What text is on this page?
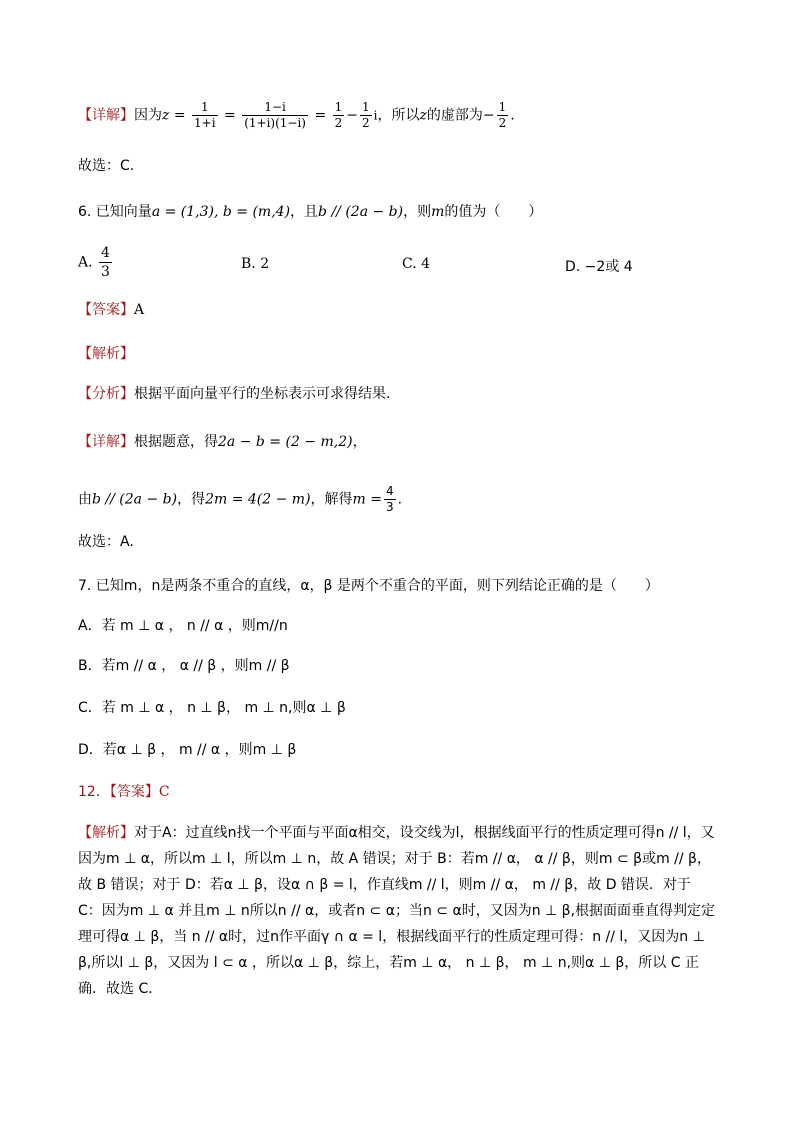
【详解】因为$z = \frac{1}{1+i} = \frac{1-i}{(1+i)(1-i)} = \frac{1}{2} - \frac{1}{2}$ i，所以z的虚部为− $\frac{1}{2}$ .
故选：C.
6. 已知向量a = (1,3), b = (m,4)，且b // (2a − b)，则m的值为（　　）
A. $\frac{4}{3}$	B. 2	C. 4	D. −2或 4
【答案】A
【解析】
【分析】根据平面向量平行的坐标表示可求得结果.
【详解】根据题意，得2a − b = (2 − m,2)，
由b // (2a − b)，得2m = 4(2 − m)，解得$m = \frac{4}{3}$ .
故选：A.
7. 已知m，n是两条不重合的直线，α，β 是两个不重合的平面，则下列结论正确的是（　　）
A．若 m ⊥ α ， n // α ，则m//n
B．若m // α ， α // β ，则m // β
C．若 m ⊥ α ， n ⊥ β， m ⊥ n,则α ⊥ β
D．若α ⊥ β ， m // α ，则m ⊥ β
12．【答案】C
【解析】对于A：过直线n找一个平面与平面α相交，设交线为l，根据线面平行的性质定理可得n // l，又因为m ⊥ α，所以m ⊥ l，所以m ⊥ n，故 A 错误；对于 B：若m // α， α // β，则m ⊂ β或m // β，故 B 错误；对于 D：若α ⊥ β，设α ∩ β = l，作直线m // l，则m // α， m // β，故 D 错误．对于 C：因为m ⊥ α 并且m ⊥ n所以n // α，或者n ⊂ α；当n ⊂ α时，又因为n ⊥ β,根据面面垂直得判定定理可得α ⊥ β，当 n // α时，过n作平面γ ∩ α = l，根据线面平行的性质定理可得：n // l，又因为n ⊥ β,所以l ⊥ β，又因为 l ⊂ α ，所以α ⊥ β，综上，若m ⊥ α， n ⊥ β， m ⊥ n,则α ⊥ β，所以 C 正确．故选 C．
